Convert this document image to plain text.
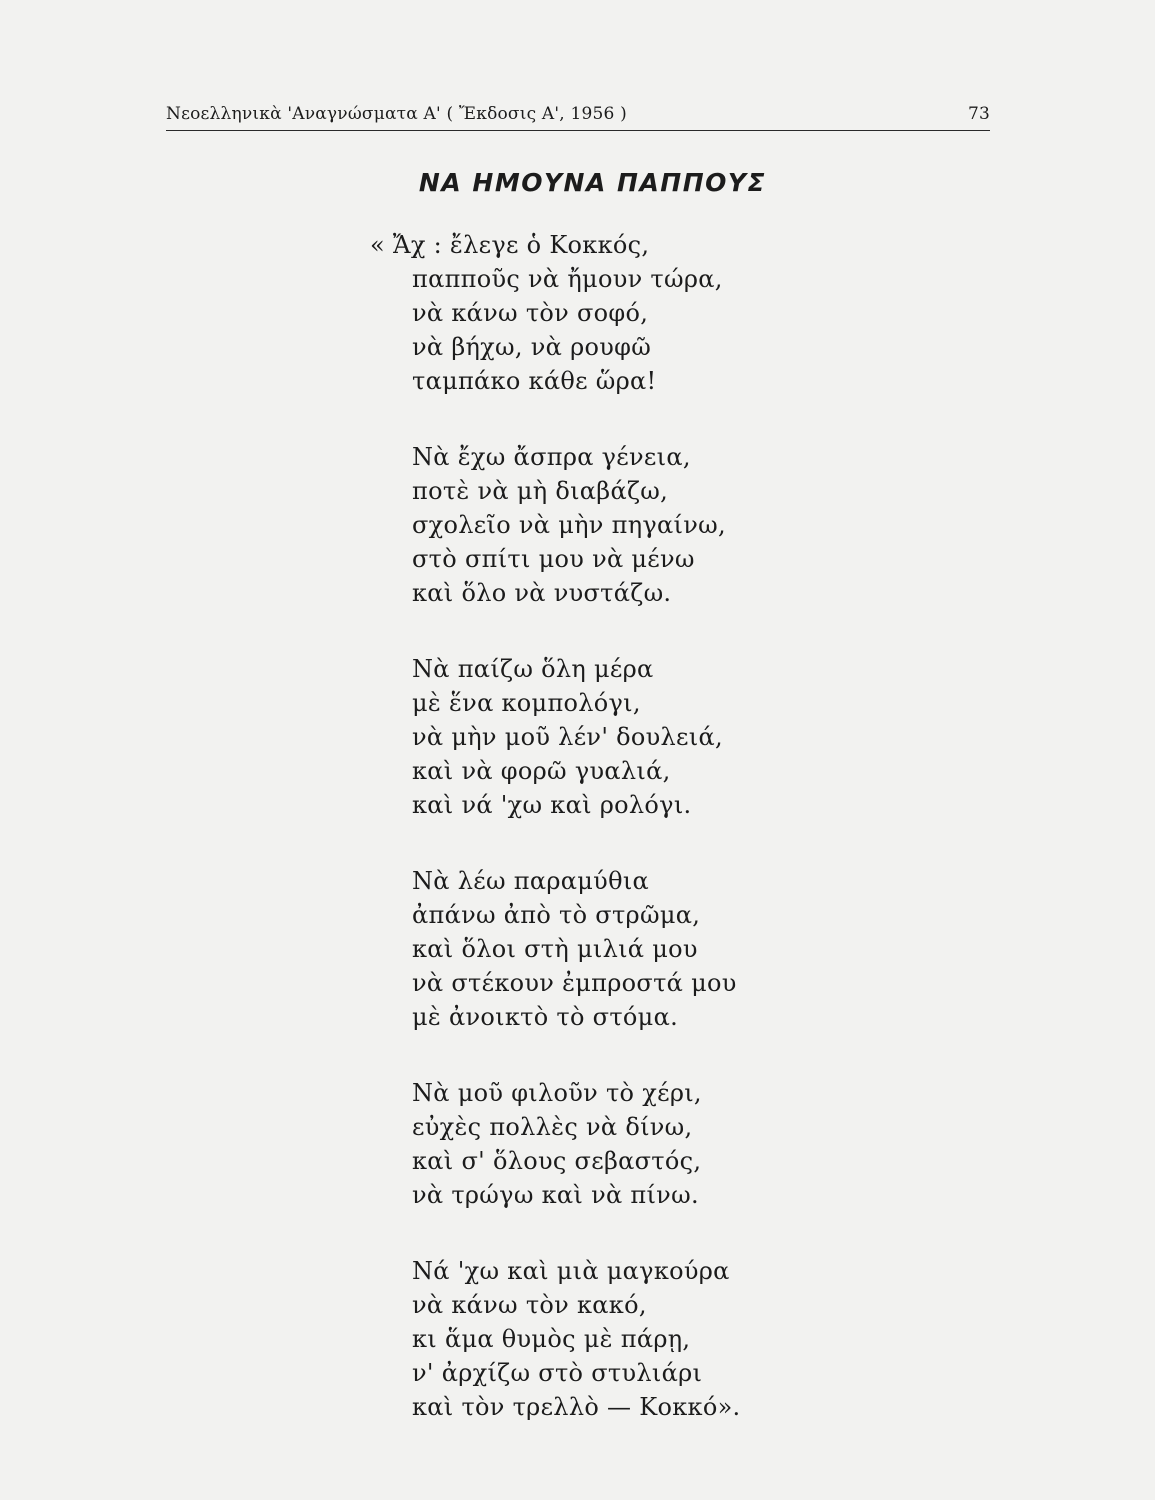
Νεοελληνικὰ 'Αναγνώσματα Α' ( Ἔκδοσις Α', 1956 )	73
ΝΑ ΗΜΟΥΝΑ ΠΑΠΠΟΥΣ
« Ἄχ : ἔλεγε ὁ Κοκκός,
παπποῦς νὰ ἤμουν τώρα,
νὰ κάνω τὸν σοφό,
νὰ βήχω, νὰ ρουφῶ
ταμπάκο κάθε ὥρα!
Νὰ ἔχω ἄσπρα γένεια,
ποτὲ νὰ μὴ διαβάζω,
σχολεῖο νὰ μὴν πηγαίνω,
στὸ σπίτι μου νὰ μένω
καὶ ὅλο νὰ νυστάζω.
Νὰ παίζω ὅλη μέρα
μὲ ἕνα κομπολόγι,
νὰ μὴν μοῦ λέν' δουλειά,
καὶ νὰ φορῶ γυαλιά,
καὶ νά 'χω καὶ ρολόγι.
Νὰ λέω παραμύθια
ἀπάνω ἀπὸ τὸ στρῶμα,
καὶ ὅλοι στὴ μιλιά μου
νὰ στέκουν ἐμπροστά μου
μὲ ἀνοικτὸ τὸ στόμα.
Νὰ μοῦ φιλοῦν τὸ χέρι,
εὐχὲς πολλὲς νὰ δίνω,
καὶ σ' ὅλους σεβαστός,
νὰ τρώγω καὶ νὰ πίνω.
Νά 'χω καὶ μιὰ μαγκούρα
νὰ κάνω τὸν κακό,
κι ἅμα θυμὸς μὲ πάρῃ,
ν' ἀρχίζω στὸ στυλιάρι
καὶ τὸν τρελλὸ — Κοκκό».
